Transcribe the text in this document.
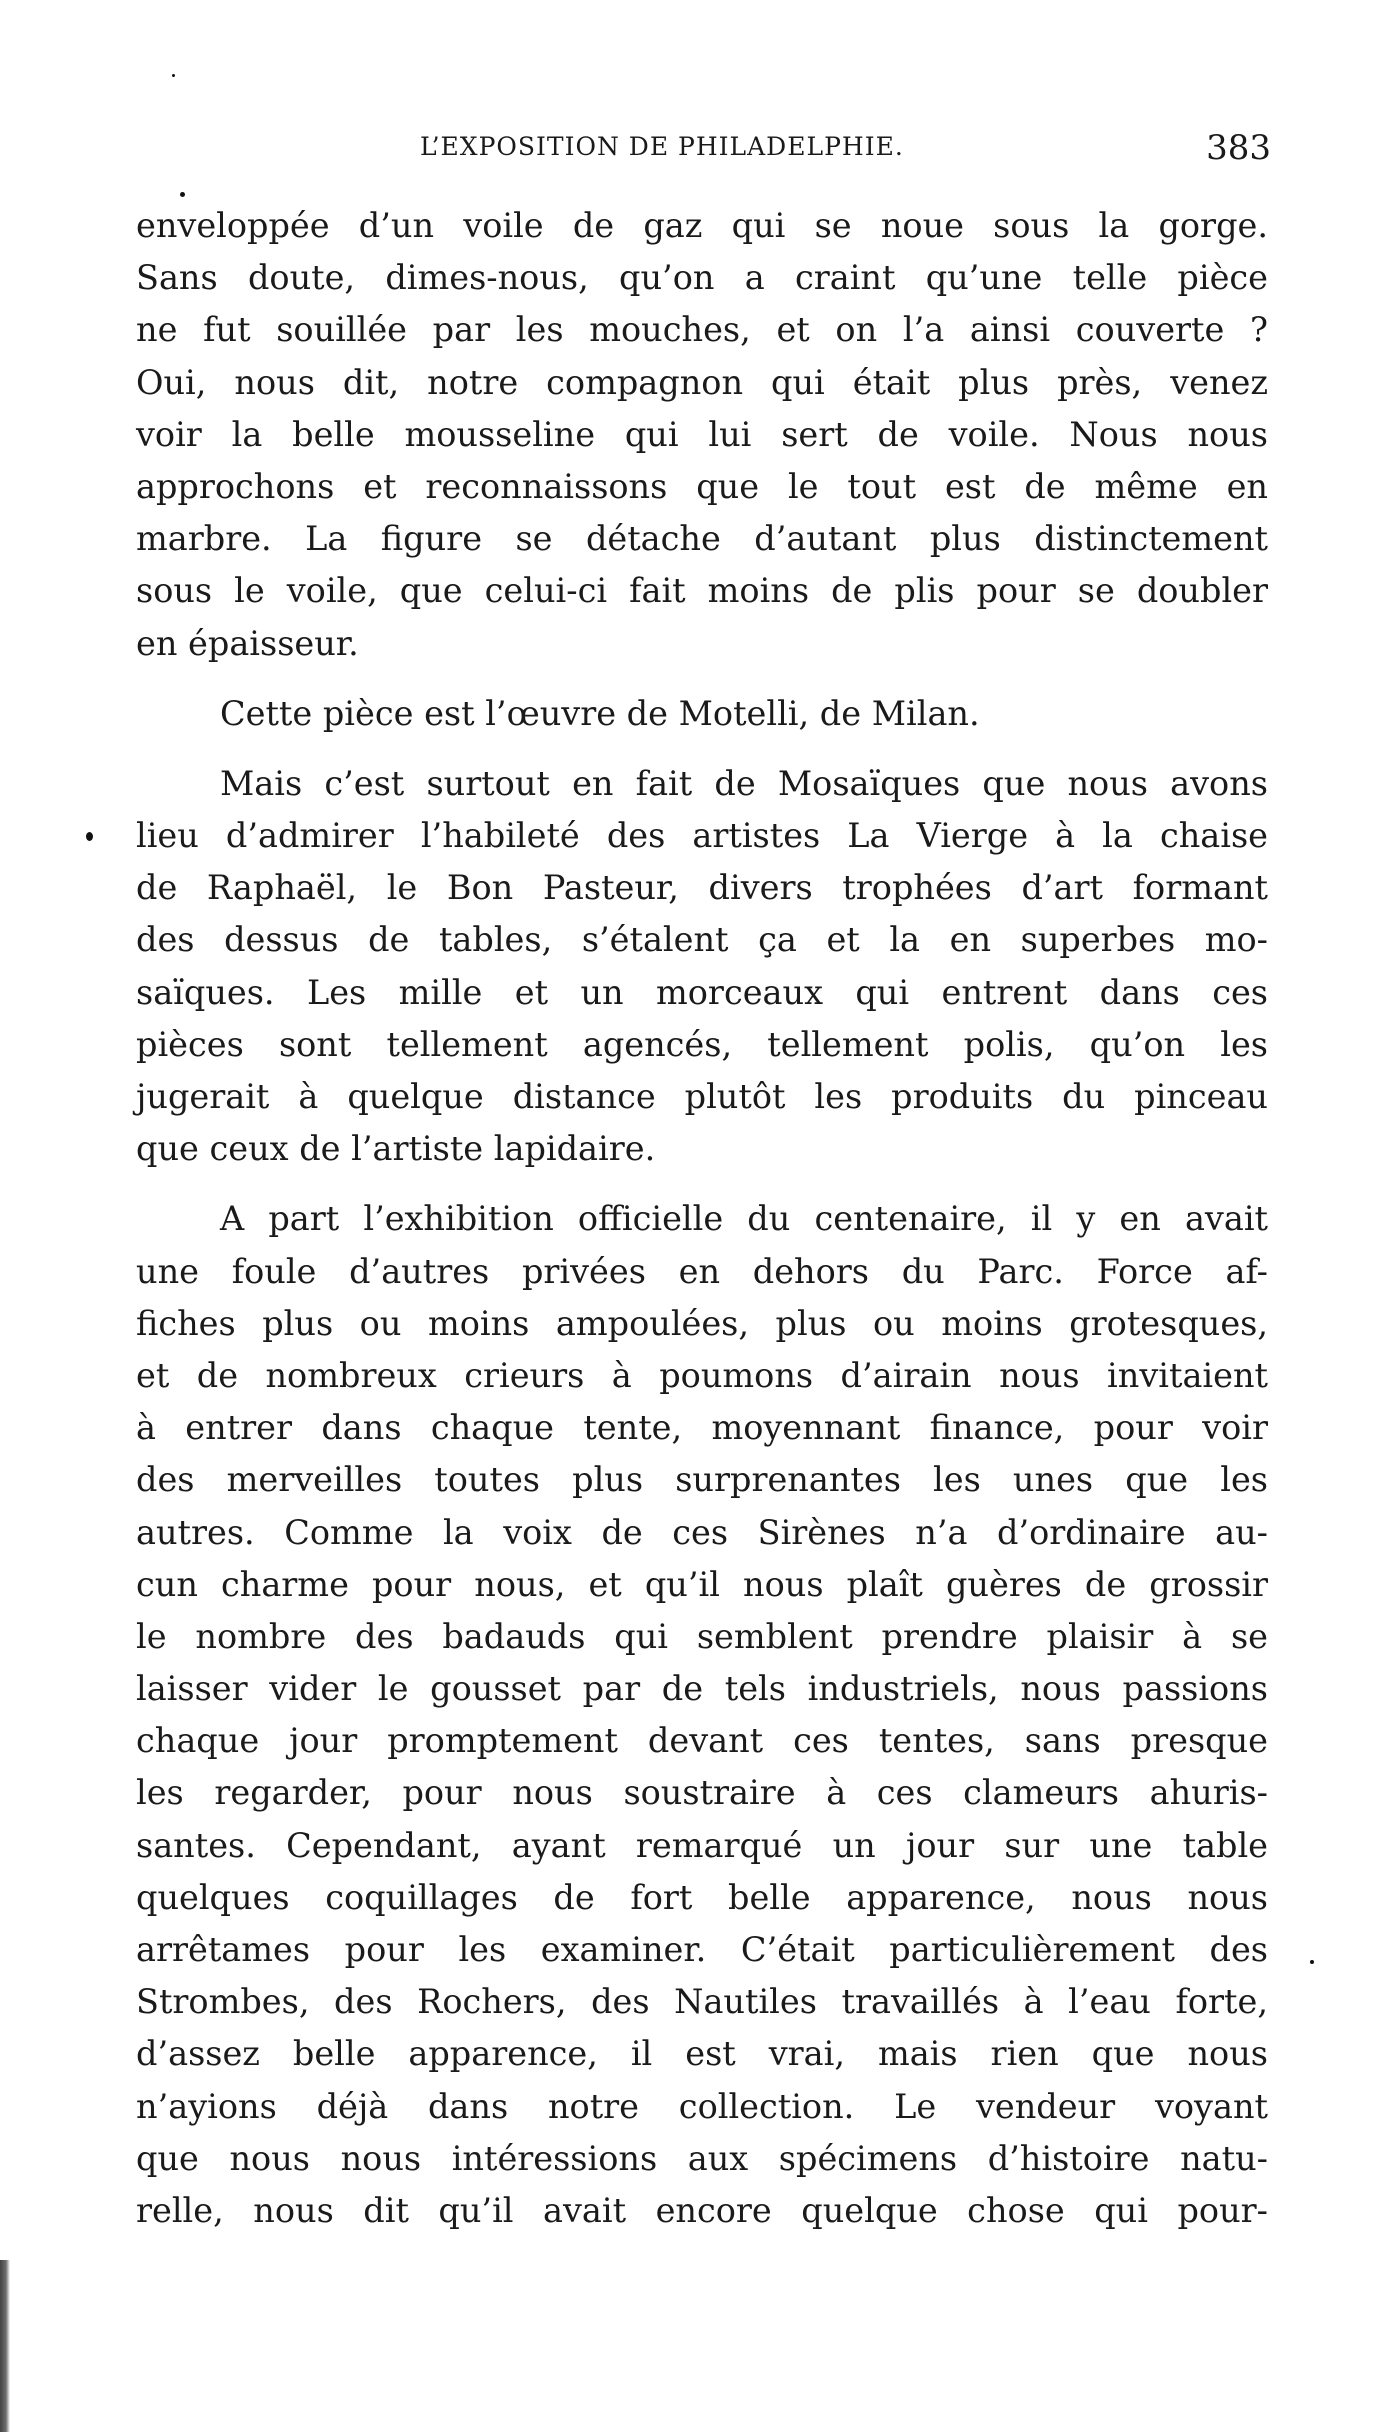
L’EXPOSITION DE PHILADELPHIE.	383
enveloppée d’un voile de gaz qui se noue sous la gorge.
Sans doute, dimes-nous, qu’on a craint qu’une telle pièce
ne fut souillée par les mouches, et on l’a ainsi couverte ?
Oui, nous dit, notre compagnon qui était plus près, venez
voir la belle mousseline qui lui sert de voile. Nous nous
approchons et reconnaissons que le tout est de même en
marbre. La figure se détache d’autant plus distinctement
sous le voile, que celui-ci fait moins de plis pour se doubler
en épaisseur.
Cette pièce est l’œuvre de Motelli, de Milan.
Mais c’est surtout en fait de Mosaïques que nous avons
lieu d’admirer l’habileté des artistes La Vierge à la chaise
de Raphaël, le Bon Pasteur, divers trophées d’art formant
des dessus de tables, s’étalent ça et la en superbes mo-
saïques. Les mille et un morceaux qui entrent dans ces
pièces sont tellement agencés, tellement polis, qu’on les
jugerait à quelque distance plutôt les produits du pinceau
que ceux de l’artiste lapidaire.
A part l’exhibition officielle du centenaire, il y en avait
une foule d’autres privées en dehors du Parc. Force af-
fiches plus ou moins ampoulées, plus ou moins grotesques,
et de nombreux crieurs à poumons d’airain nous invitaient
à entrer dans chaque tente, moyennant finance, pour voir
des merveilles toutes plus surprenantes les unes que les
autres. Comme la voix de ces Sirènes n’a d’ordinaire au-
cun charme pour nous, et qu’il nous plaît guères de grossir
le nombre des badauds qui semblent prendre plaisir à se
laisser vider le gousset par de tels industriels, nous passions
chaque jour promptement devant ces tentes, sans presque
les regarder, pour nous soustraire à ces clameurs ahuris-
santes. Cependant, ayant remarqué un jour sur une table
quelques coquillages de fort belle apparence, nous nous
arrêtames pour les examiner. C’était particulièrement des
Strombes, des Rochers, des Nautiles travaillés à l’eau forte,
d’assez belle apparence, il est vrai, mais rien que nous
n’ayions déjà dans notre collection. Le vendeur voyant
que nous nous intéressions aux spécimens d’histoire natu-
relle, nous dit qu’il avait encore quelque chose qui pour-
